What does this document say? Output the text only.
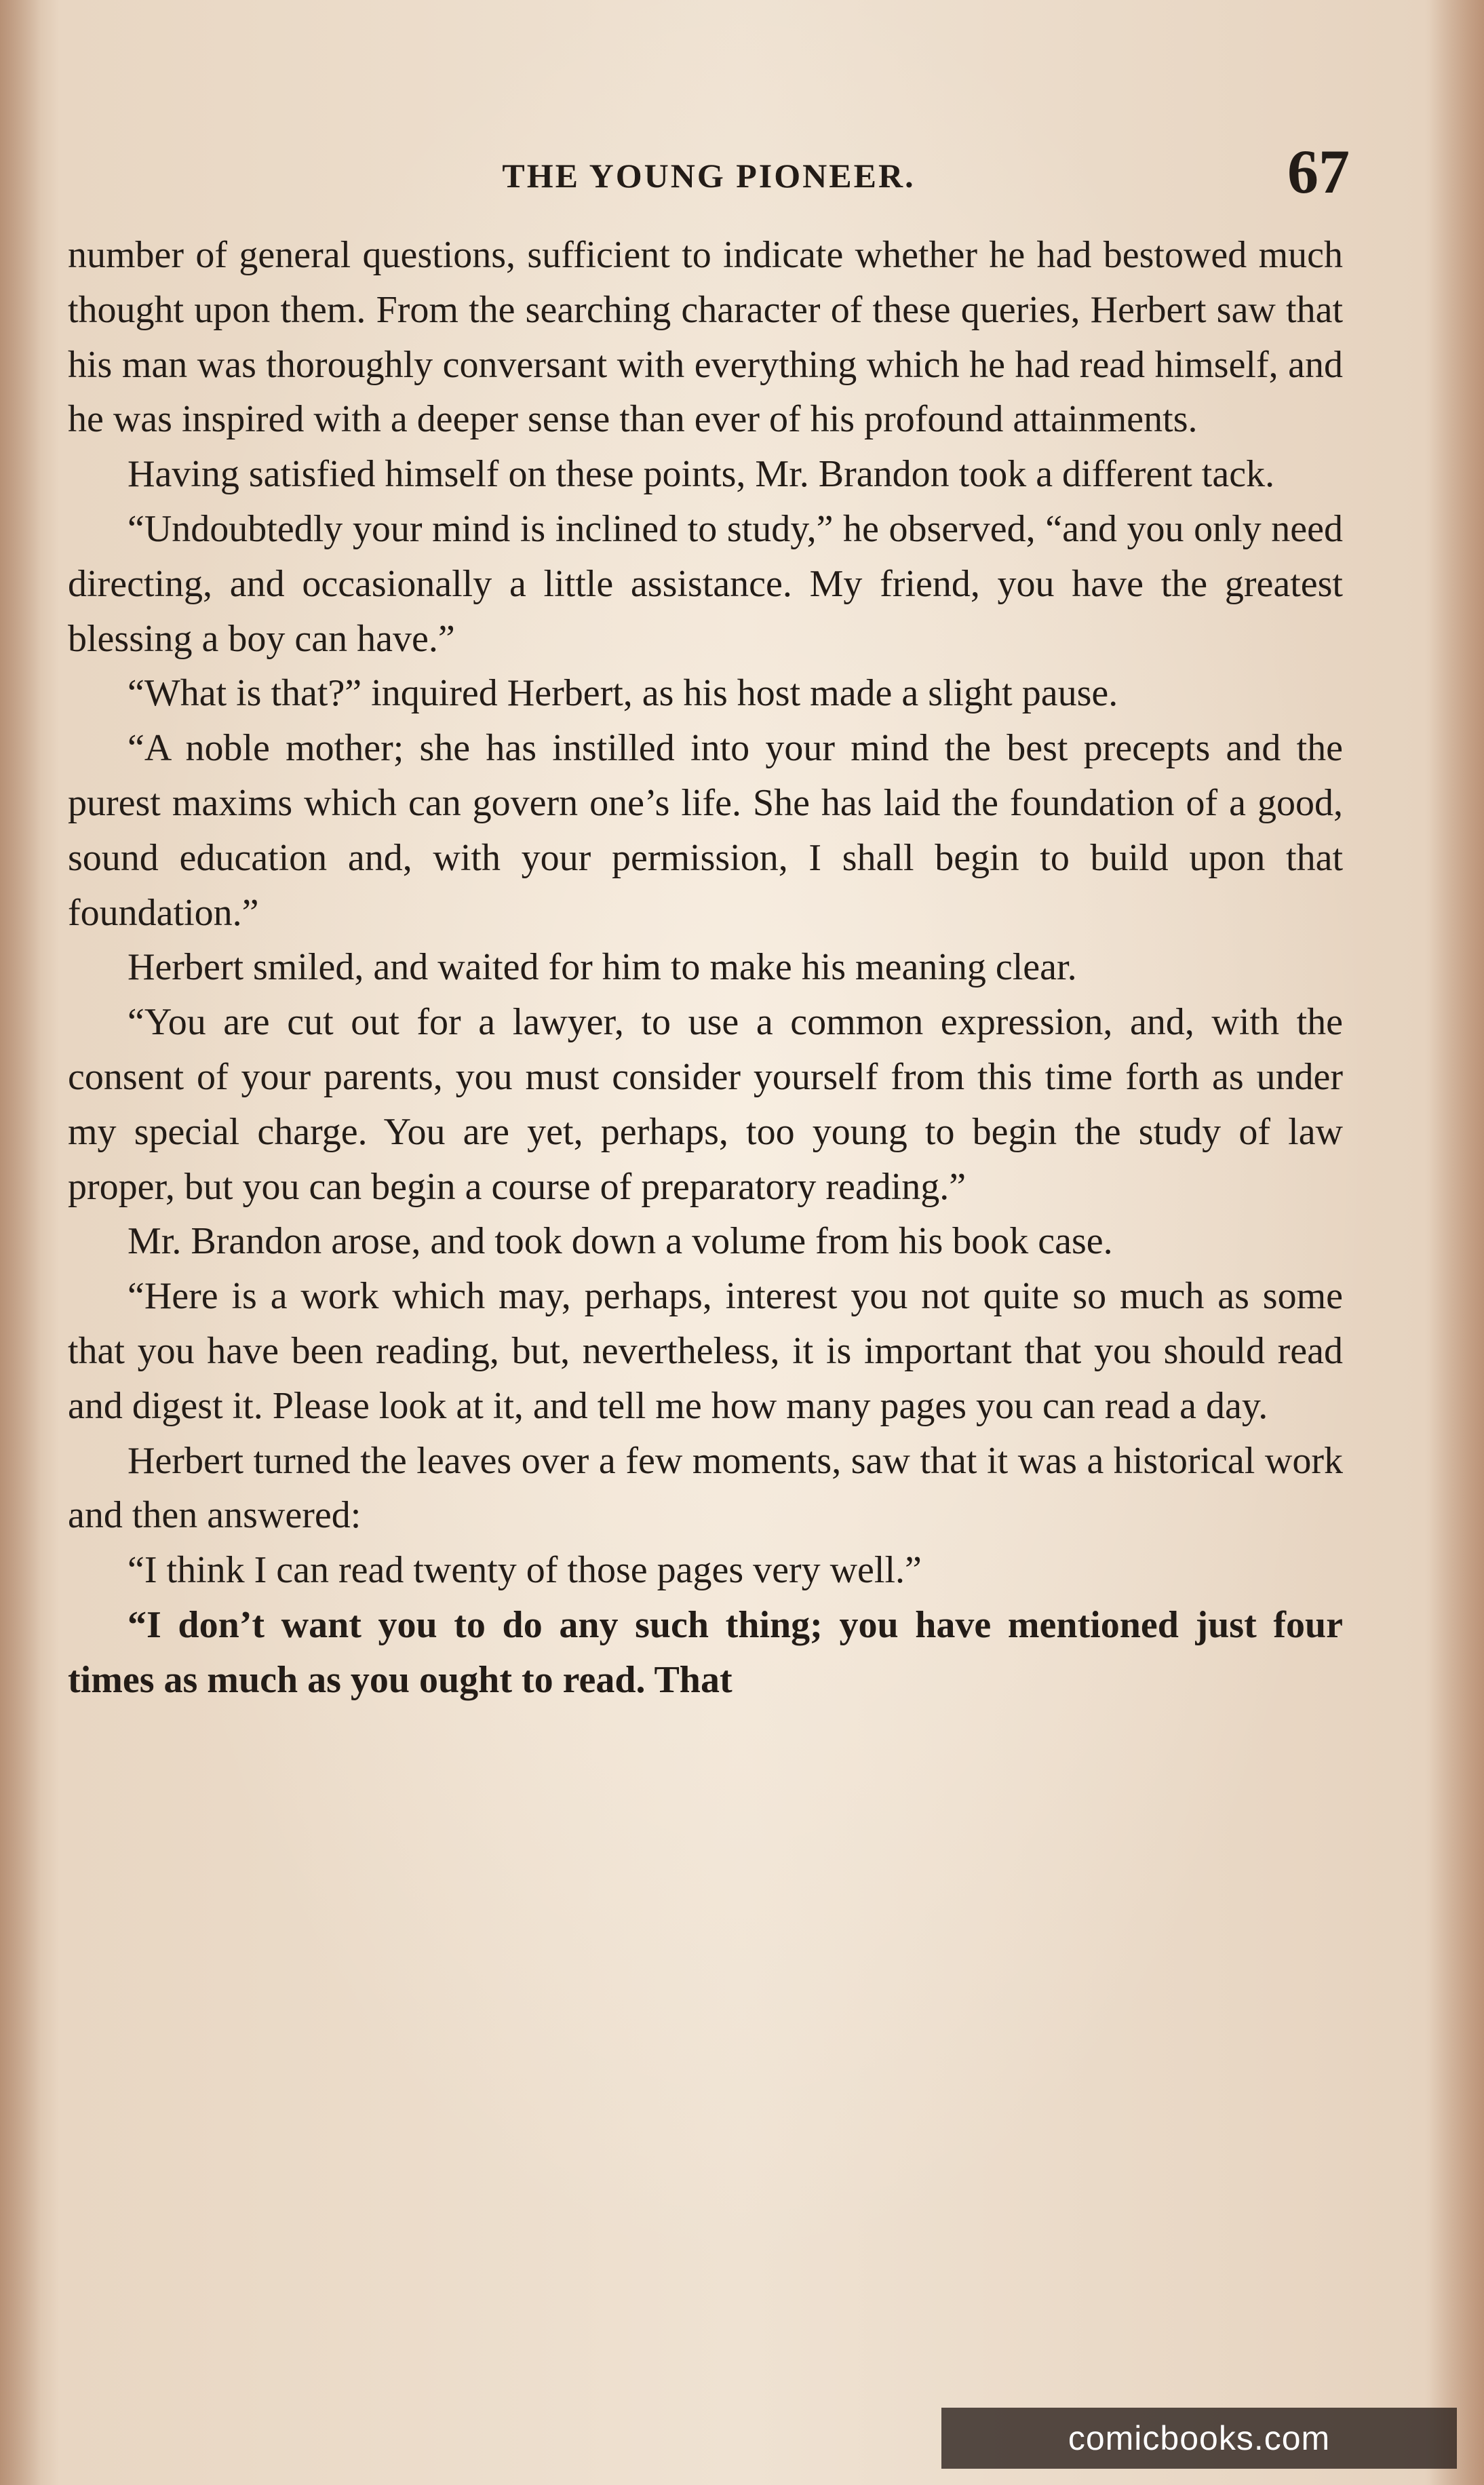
THE YOUNG PIONEER.	67

number of general questions, sufficient to indicate whether he had bestowed much thought upon them. From the searching character of these queries, Herbert saw that his man was thoroughly conversant with everything which he had read himself, and he was inspired with a deeper sense than ever of his profound attainments.

Having satisfied himself on these points, Mr. Brandon took a different tack.

“Undoubtedly your mind is inclined to study,” he observed, “and you only need directing, and occasionally a little assistance. My friend, you have the greatest blessing a boy can have.”

“What is that?” inquired Herbert, as his host made a slight pause.

“A noble mother; she has instilled into your mind the best precepts and the purest maxims which can govern one’s life. She has laid the foundation of a good, sound education and, with your permission, I shall begin to build upon that foundation.”

Herbert smiled, and waited for him to make his meaning clear.

“You are cut out for a lawyer, to use a common expression, and, with the consent of your parents, you must consider yourself from this time forth as under my special charge. You are yet, perhaps, too young to begin the study of law proper, but you can begin a course of preparatory reading.”

Mr. Brandon arose, and took down a volume from his book case.

“Here is a work which may, perhaps, interest you not quite so much as some that you have been reading, but, nevertheless, it is important that you should read and digest it. Please look at it, and tell me how many pages you can read a day.

Herbert turned the leaves over a few moments, saw that it was a historical work and then answered:

“I think I can read twenty of those pages very well.”

“I don’t want you to do any such thing; you have mentioned just four times as much as you ought to read. That

comicbooks.com
